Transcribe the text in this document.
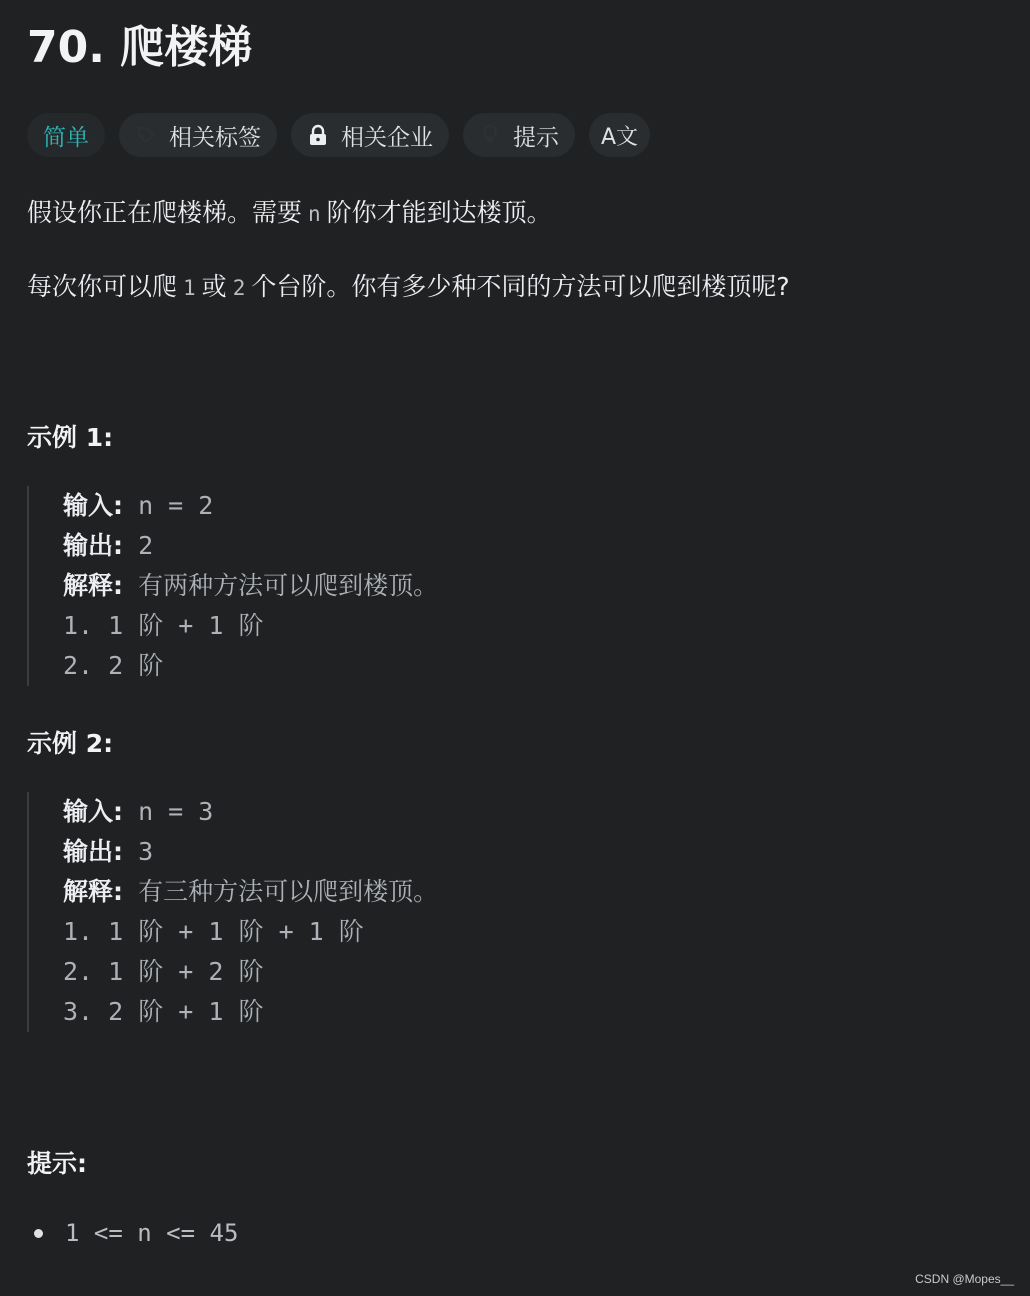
70. 爬楼梯
简单	相关标签	相关企业	提示 A文
假设你正在爬楼梯。需要 n 阶你才能到达楼顶。
每次你可以爬 1 或 2 个台阶。你有多少种不同的方法可以爬到楼顶呢?
示例 1:
输入: n = 2
输出: 2
解释: 有两种方法可以爬到楼顶。
1. 1 阶 + 1 阶
2. 2 阶
示例 2:
输入: n = 3
输出: 3
解释: 有三种方法可以爬到楼顶。
1. 1 阶 + 1 阶 + 1 阶
2. 1 阶 + 2 阶
3. 2 阶 + 1 阶
提示:
1 <= n <= 45
CSDN @Mopes__
